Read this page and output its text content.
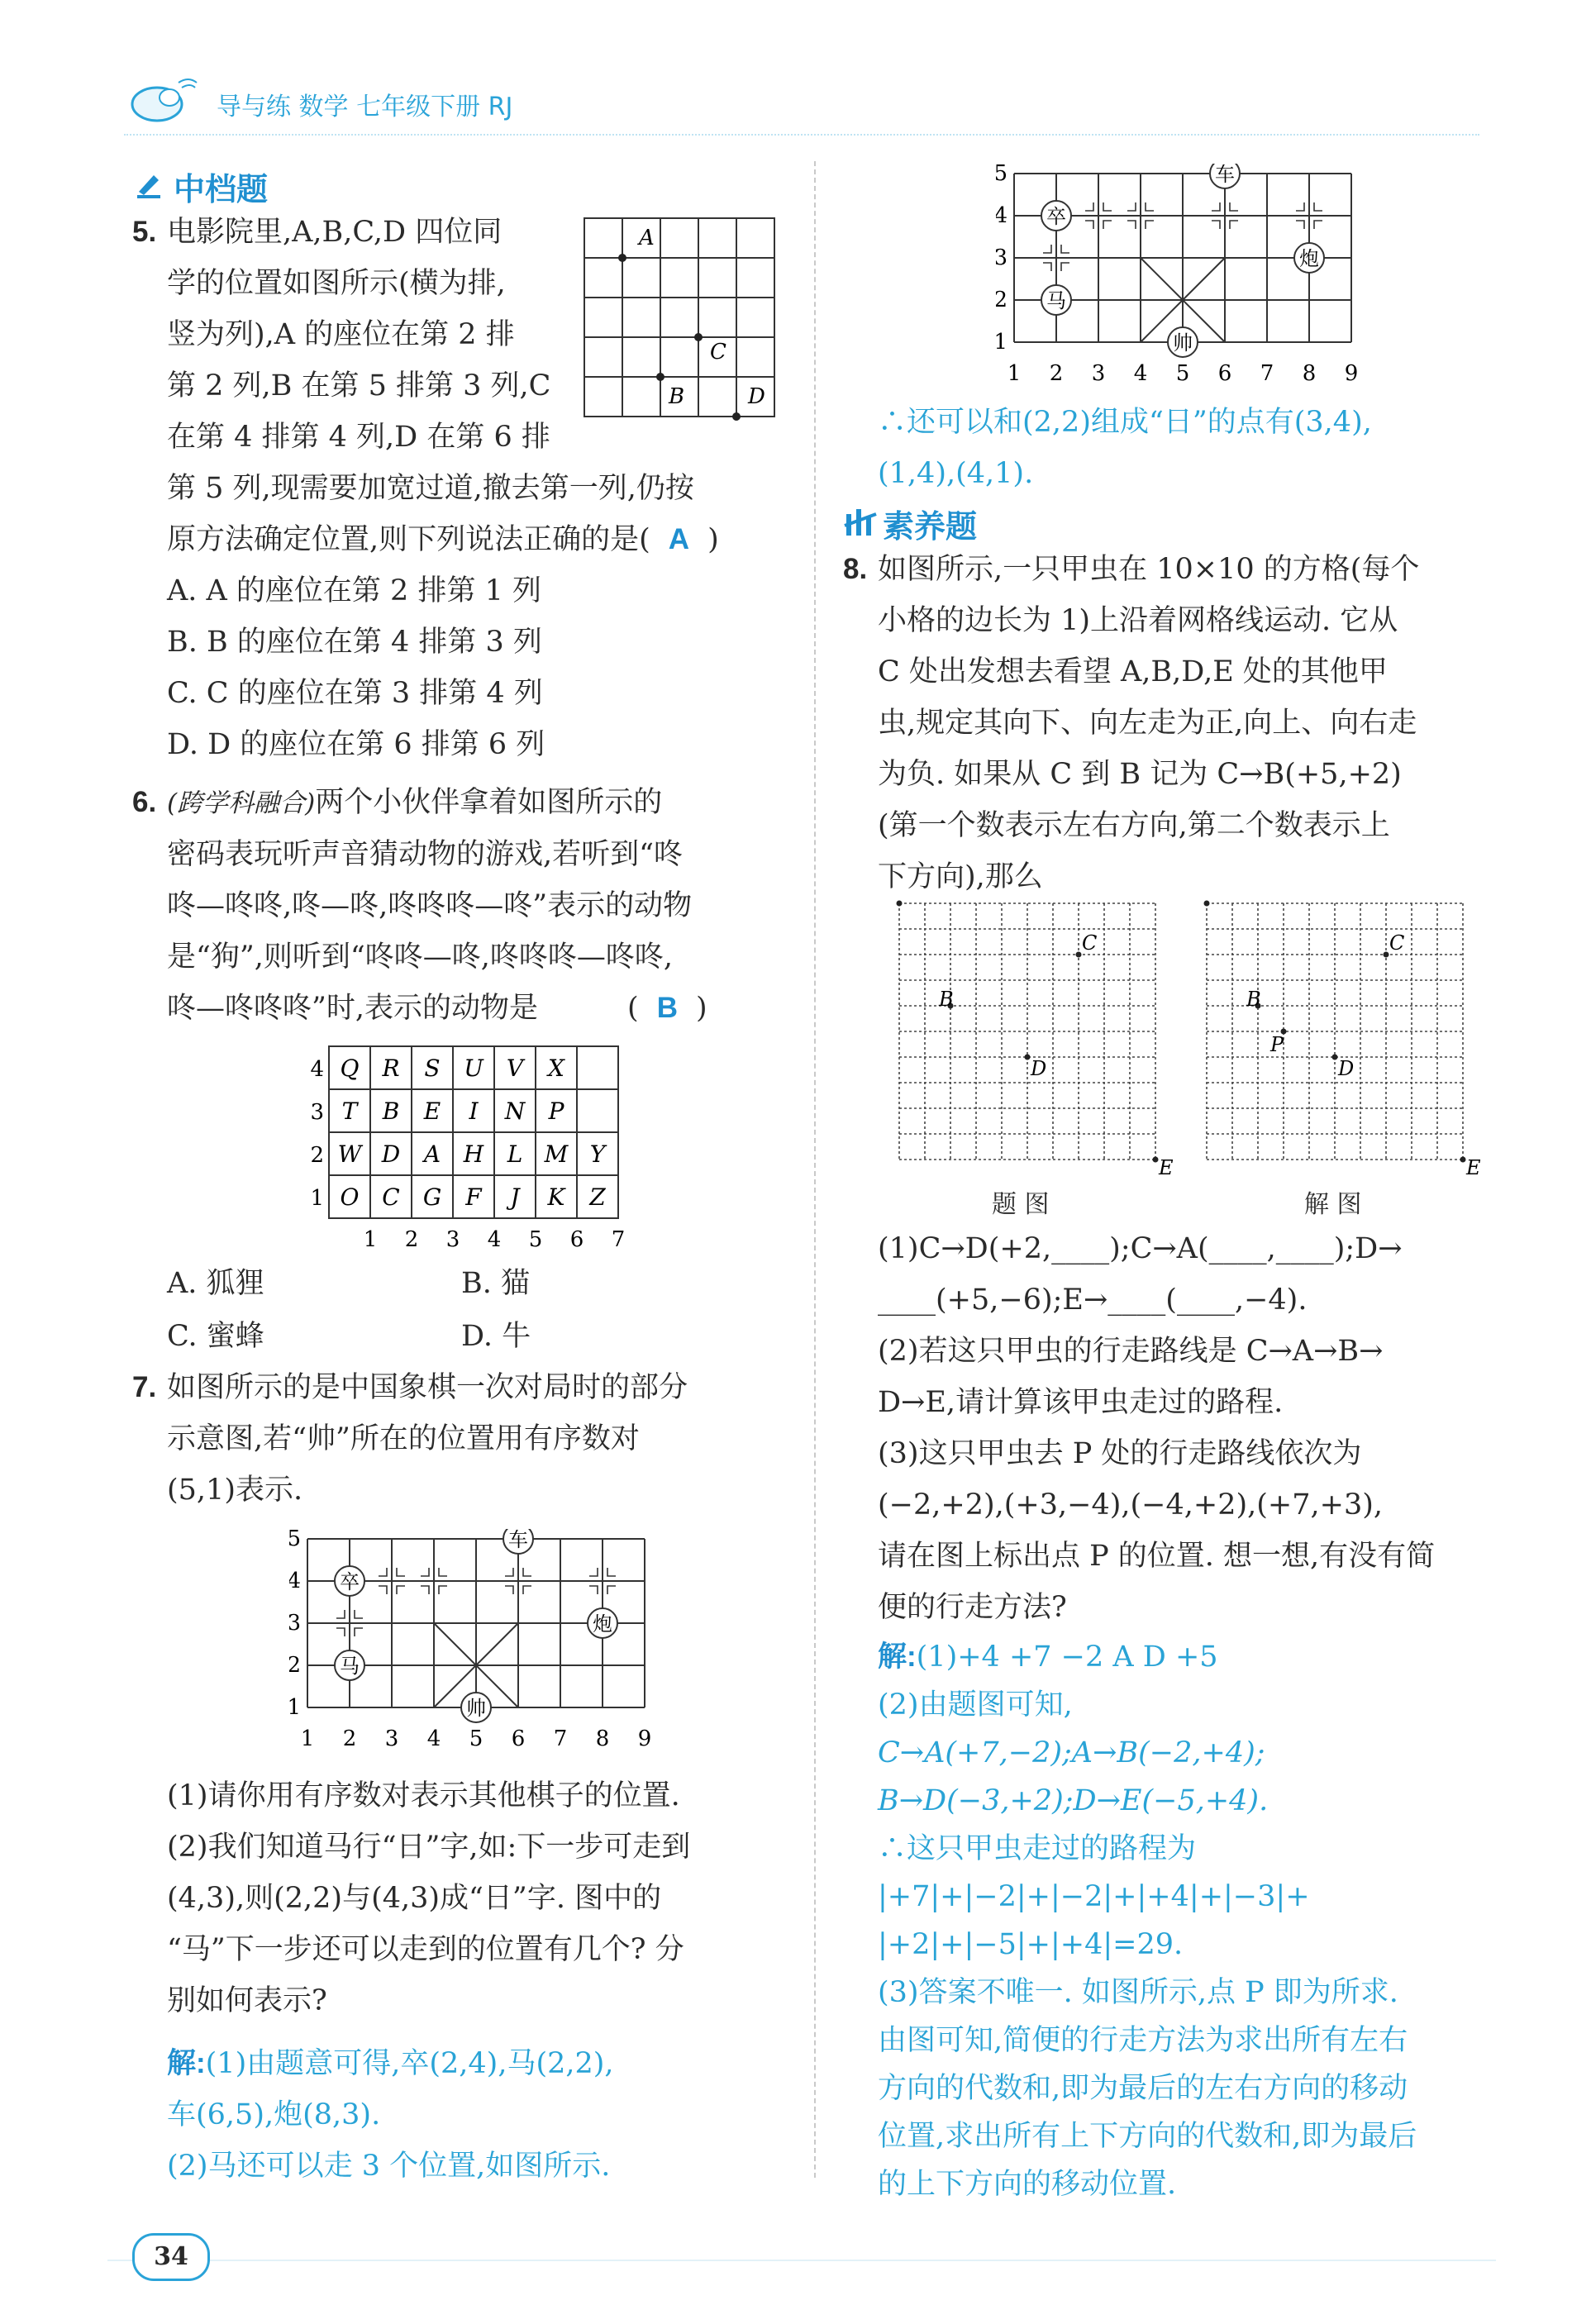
导与练 数学 七年级下册 RJ
中档题
5. 电影院里,A,B,C,D 四位同
学的位置如图所示(横为排,
竖为列),A 的座位在第 2 排
第 2 列,B 在第 5 排第 3 列,C
在第 4 排第 4 列,D 在第 6 排
A
B
C
D
第 5 列,现需要加宽过道,撤去第一列,仍按
原方法确定位置,则下列说法正确的是( A )
A. A 的座位在第 2 排第 1 列
B. B 的座位在第 4 排第 3 列
C. C 的座位在第 3 排第 4 列
D. D 的座位在第 6 排第 6 列
6. (跨学科融合)两个小伙伴拿着如图所示的
密码表玩听声音猜动物的游戏,若听到“咚
咚—咚咚,咚—咚,咚咚咚—咚”表示的动物
是“狗”,则听到“咚咚—咚,咚咚咚—咚咚,
咚—咚咚咚”时,表示的动物是	( B )
Q R S U V X
T B E I N P
W D A H L M Y
O C G F J K Z
4
3
2
1
1 2 3 4 5 6 7
A. 狐狸	B. 猫
C. 蜜蜂	D. 牛
7. 如图所示的是中国象棋一次对局时的部分
示意图,若“帅”所在的位置用有序数对
(5,1)表示.
车
卒
炮
马
帅
1 2 3 4 5 6 7 8 9
5
4
3
2
1
(1)请你用有序数对表示其他棋子的位置.
(2)我们知道马行“日”字,如:下一步可走到
(4,3),则(2,2)与(4,3)成“日”字. 图中的
“马”下一步还可以走到的位置有几个? 分
别如何表示?
解:(1)由题意可得,卒(2,4),马(2,2),
车(6,5),炮(8,3).
(2)马还可以走 3 个位置,如图所示.
车
卒
炮
马
帅
1 2 3 4 5 6 7 8 9
5
4
3
2
1
∴还可以和(2,2)组成“日”的点有(3,4),
(1,4),(4,1).
素养题
8. 如图所示,一只甲虫在 10×10 的方格(每个
小格的边长为 1)上沿着网格线运动. 它从
C 处出发想去看望 A,B,D,E 处的其他甲
虫,规定其向下、向左走为正,向上、向右走
为负. 如果从 C 到 B 记为 C→B(+5,+2)
(第一个数表示左右方向,第二个数表示上
下方向),那么
B
C
D
E
B
C
D
E
P
题 图	解 图
(1)C→D(+2,____);C→A(____,____);D→
____(+5,−6);E→____(____,−4).
(2)若这只甲虫的行走路线是 C→A→B→
D→E,请计算该甲虫走过的路程.
(3)这只甲虫去 P 处的行走路线依次为
(−2,+2),(+3,−4),(−4,+2),(+7,+3),
请在图上标出点 P 的位置. 想一想,有没有简
便的行走方法?
解:(1)+4 +7 −2 A D +5
(2)由题图可知,
C→A(+7,−2);A→B(−2,+4);
B→D(−3,+2);D→E(−5,+4).
∴这只甲虫走过的路程为
|+7|+|−2|+|−2|+|+4|+|−3|+
|+2|+|−5|+|+4|=29.
(3)答案不唯一. 如图所示,点 P 即为所求.
由图可知,简便的行走方法为求出所有左右
方向的代数和,即为最后的左右方向的移动
位置,求出所有上下方向的代数和,即为最后
的上下方向的移动位置.
34
